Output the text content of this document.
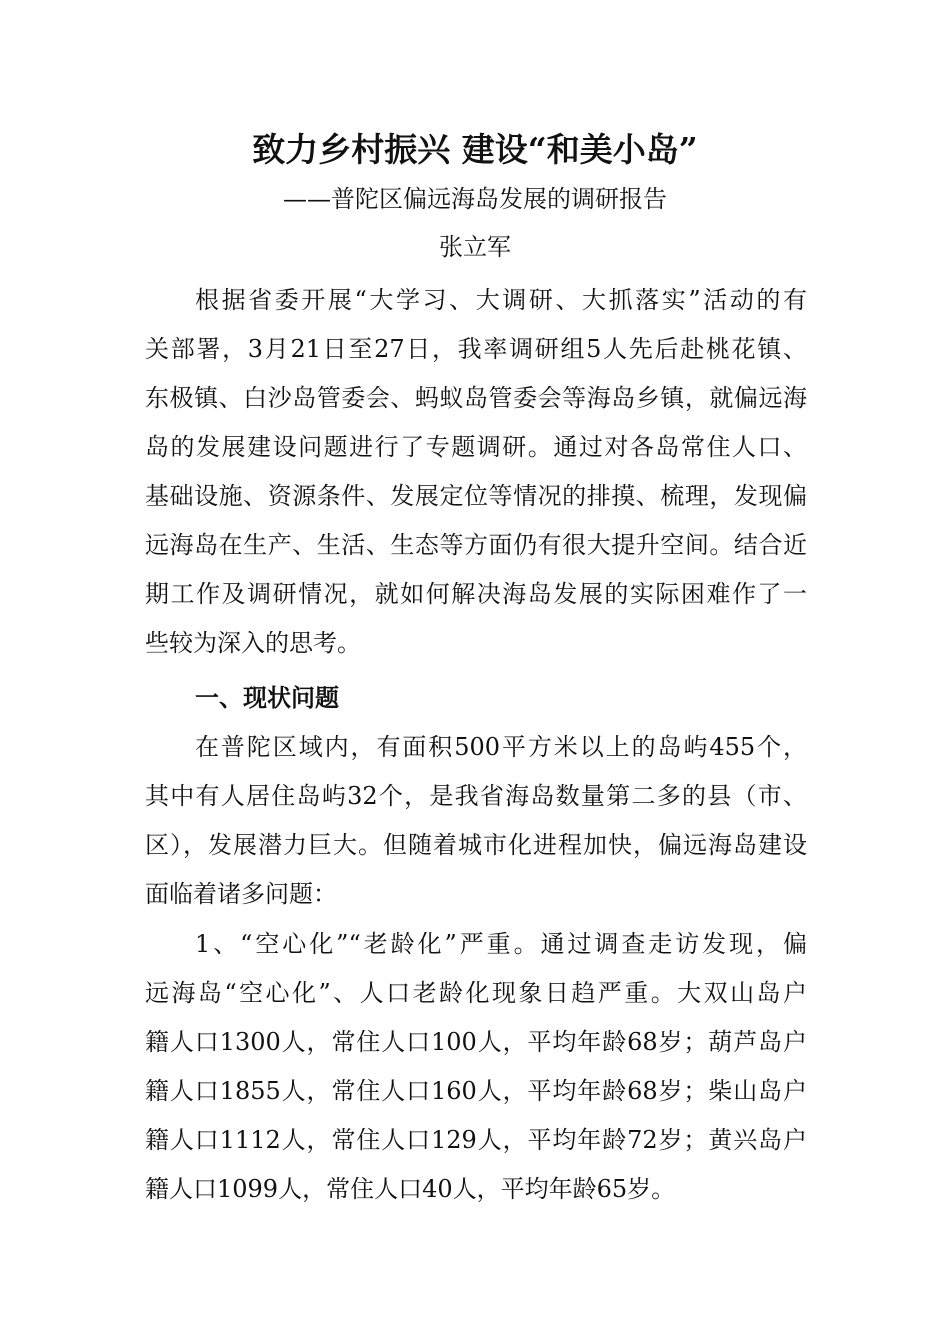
致力乡村振兴 建设“和美小岛”
——普陀区偏远海岛发展的调研报告
张立军
根据省委开展“大学习、大调研、大抓落实”活动的有
关部署，3月21日至27日，我率调研组5人先后赴桃花镇、
东极镇、白沙岛管委会、蚂蚁岛管委会等海岛乡镇，就偏远海
岛的发展建设问题进行了专题调研。通过对各岛常住人口、
基础设施、资源条件、发展定位等情况的排摸、梳理，发现偏
远海岛在生产、生活、生态等方面仍有很大提升空间。结合近
期工作及调研情况，就如何解决海岛发展的实际困难作了一
些较为深入的思考。
一、现状问题
在普陀区域内，有面积500平方米以上的岛屿455个，
其中有人居住岛屿32个，是我省海岛数量第二多的县（市、
区），发展潜力巨大。但随着城市化进程加快，偏远海岛建设
面临着诸多问题：
1、“空心化”“老龄化”严重。通过调查走访发现，偏
远海岛“空心化”、人口老龄化现象日趋严重。大双山岛户
籍人口1300人，常住人口100人，平均年龄68岁；葫芦岛户
籍人口1855人，常住人口160人，平均年龄68岁；柴山岛户
籍人口1112人，常住人口129人，平均年龄72岁；黄兴岛户
籍人口1099人，常住人口40人，平均年龄65岁。
